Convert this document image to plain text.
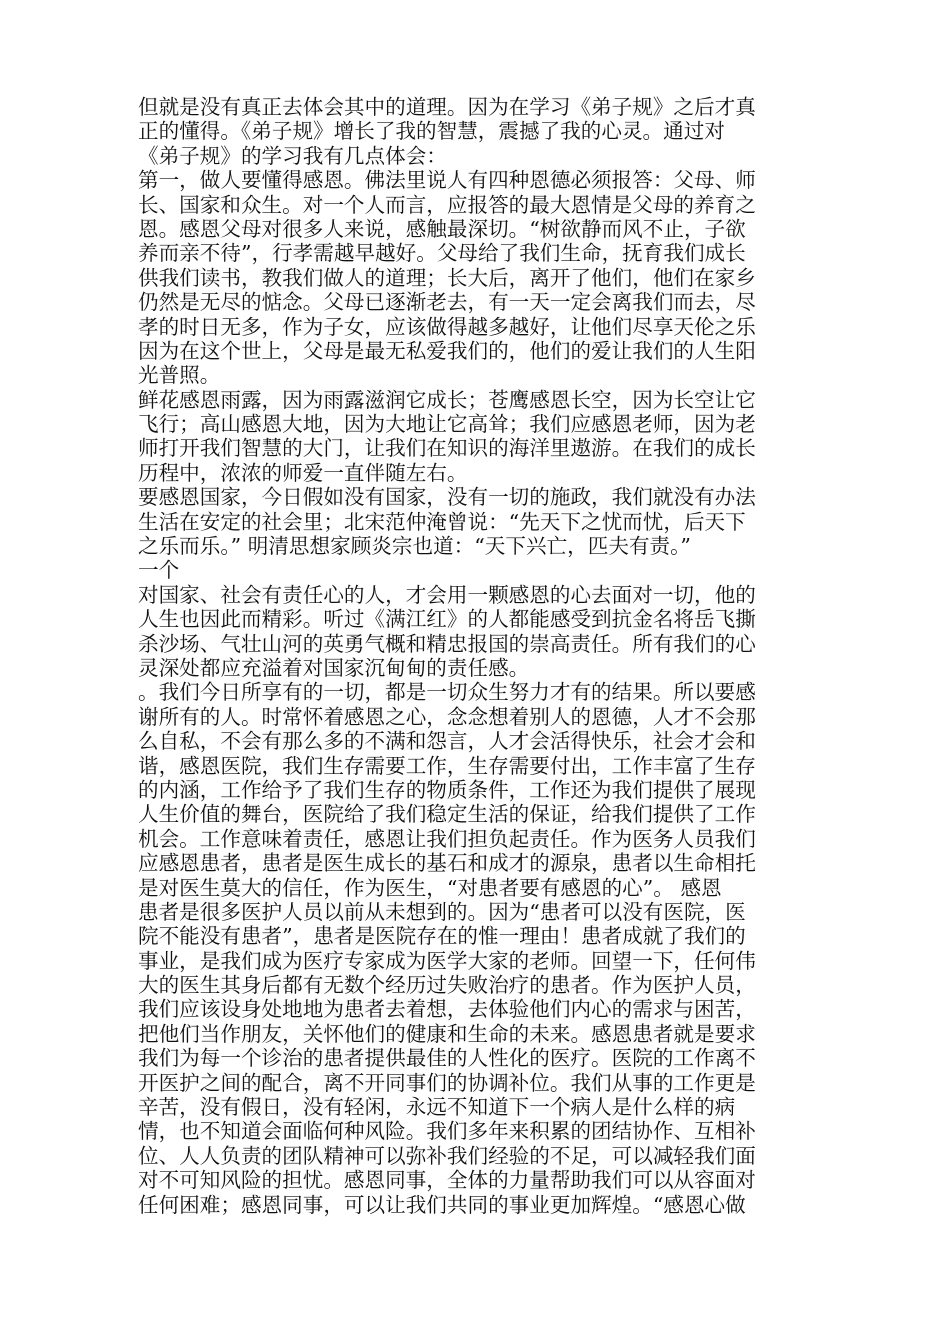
但就是没有真正去体会其中的道理。因为在学习《弟子规》之后才真
正的懂得。《弟子规》增长了我的智慧，震撼了我的心灵。通过对
《弟子规》的学习我有几点体会：
第一，做人要懂得感恩。佛法里说人有四种恩德必须报答：父母、师
长、国家和众生。对一个人而言，应报答的最大恩情是父母的养育之
恩。感恩父母对很多人来说，感触最深切。“树欲静而风不止，子欲
养而亲不待”，行孝需越早越好。父母给了我们生命，抚育我们成长
供我们读书，教我们做人的道理；长大后，离开了他们，他们在家乡
仍然是无尽的惦念。父母已逐渐老去，有一天一定会离我们而去，尽
孝的时日无多，作为子女，应该做得越多越好，让他们尽享天伦之乐
因为在这个世上，父母是最无私爱我们的，他们的爱让我们的人生阳
光普照。
鲜花感恩雨露，因为雨露滋润它成长；苍鹰感恩长空，因为长空让它
飞行；高山感恩大地，因为大地让它高耸；我们应感恩老师，因为老
师打开我们智慧的大门，让我们在知识的海洋里遨游。在我们的成长
历程中，浓浓的师爱一直伴随左右。
要感恩国家，今日假如没有国家，没有一切的施政，我们就没有办法
生活在安定的社会里；北宋范仲淹曾说：“先天下之忧而忧，后天下
之乐而乐。” 明清思想家顾炎宗也道：“天下兴亡，匹夫有责。”
一个
对国家、社会有责任心的人，才会用一颗感恩的心去面对一切，他的
人生也因此而精彩。听过《满江红》的人都能感受到抗金名将岳飞撕
杀沙场、气壮山河的英勇气概和精忠报国的崇高责任。所有我们的心
灵深处都应充溢着对国家沉甸甸的责任感。
。我们今日所享有的一切，都是一切众生努力才有的结果。所以要感
谢所有的人。时常怀着感恩之心，念念想着别人的恩德，人才不会那
么自私，不会有那么多的不满和怨言，人才会活得快乐，社会才会和
谐，感恩医院，我们生存需要工作，生存需要付出，工作丰富了生存
的内涵，工作给予了我们生存的物质条件，工作还为我们提供了展现
人生价值的舞台，医院给了我们稳定生活的保证，给我们提供了工作
机会。工作意味着责任，感恩让我们担负起责任。作为医务人员我们
应感恩患者，患者是医生成长的基石和成才的源泉，患者以生命相托
是对医生莫大的信任，作为医生，“对患者要有感恩的心”。 感恩
患者是很多医护人员以前从未想到的。因为“患者可以没有医院，医
院不能没有患者”，患者是医院存在的惟一理由！患者成就了我们的
事业，是我们成为医疗专家成为医学大家的老师。回望一下，任何伟
大的医生其身后都有无数个经历过失败治疗的患者。作为医护人员，
我们应该设身处地地为患者去着想，去体验他们内心的需求与困苦，
把他们当作朋友，关怀他们的健康和生命的未来。感恩患者就是要求
我们为每一个诊治的患者提供最佳的人性化的医疗。医院的工作离不
开医护之间的配合，离不开同事们的协调补位。我们从事的工作更是
辛苦，没有假日，没有轻闲，永远不知道下一个病人是什么样的病
情，也不知道会面临何种风险。我们多年来积累的团结协作、互相补
位、人人负责的团队精神可以弥补我们经验的不足，可以减轻我们面
对不可知风险的担忧。感恩同事，全体的力量帮助我们可以从容面对
任何困难；感恩同事，可以让我们共同的事业更加辉煌。“感恩心做
